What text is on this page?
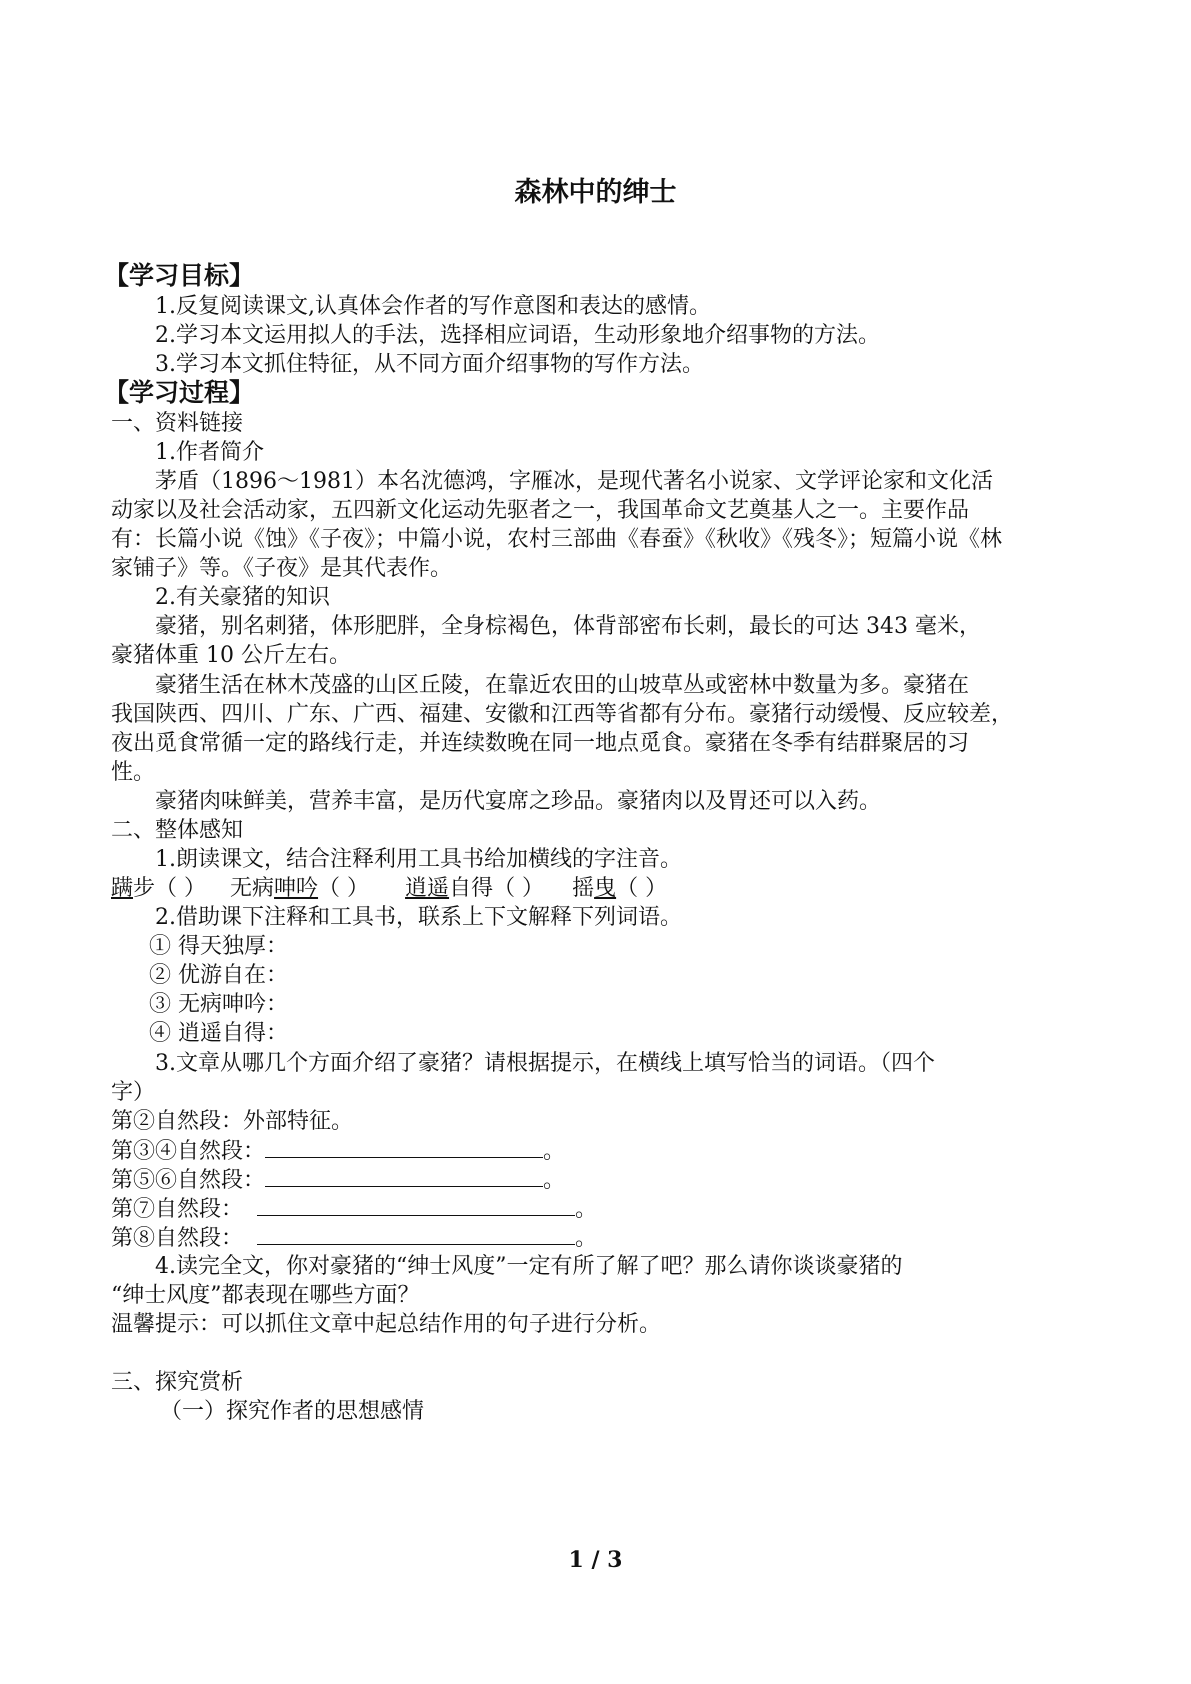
森林中的绅士
【学习目标】
1.反复阅读课文,认真体会作者的写作意图和表达的感情。
2.学习本文运用拟人的手法，选择相应词语，生动形象地介绍事物的方法。
3.学习本文抓住特征，从不同方面介绍事物的写作方法。
【学习过程】
一、资料链接
1.作者简介
茅盾（1896～1981）本名沈德鸿，字雁冰，是现代著名小说家、文学评论家和文化活
动家以及社会活动家，五四新文化运动先驱者之一，我国革命文艺奠基人之一。主要作品
有：长篇小说《蚀》《子夜》；中篇小说，农村三部曲《春蚕》《秋收》《残冬》；短篇小说《林
家铺子》等。《子夜》是其代表作。
2.有关豪猪的知识
豪猪，别名刺猪，体形肥胖，全身棕褐色，体背部密布长刺，最长的可达 343 毫米，
豪猪体重 10 公斤左右。
豪猪生活在林木茂盛的山区丘陵，在靠近农田的山坡草丛或密林中数量为多。豪猪在
我国陕西、四川、广东、广西、福建、安徽和江西等省都有分布。豪猪行动缓慢、反应较差，
夜出觅食常循一定的路线行走，并连续数晚在同一地点觅食。豪猪在冬季有结群聚居的习
性。
豪猪肉味鲜美，营养丰富，是历代宴席之珍品。豪猪肉以及胃还可以入药。
二、整体感知
1.朗读课文，结合注释利用工具书给加横线的字注音。
蹒步（ ） 无病呻吟（ ） 逍遥自得（ ） 摇曳（ ）
2.借助课下注释和工具书，联系上下文解释下列词语。
① 得天独厚：
② 优游自在：
③ 无病呻吟：
④ 逍遥自得：
3.文章从哪几个方面介绍了豪猪？请根据提示，在横线上填写恰当的词语。（四个
字）
第②自然段：外部特征。
第③④自然段：	。
第⑤⑥自然段：	。
第⑦自然段：	。
第⑧自然段：	。
4.读完全文，你对豪猪的“绅士风度”一定有所了解了吧？那么请你谈谈豪猪的
“绅士风度”都表现在哪些方面？
温馨提示：可以抓住文章中起总结作用的句子进行分析。
三、探究赏析
（一）探究作者的思想感情
1 / 3
